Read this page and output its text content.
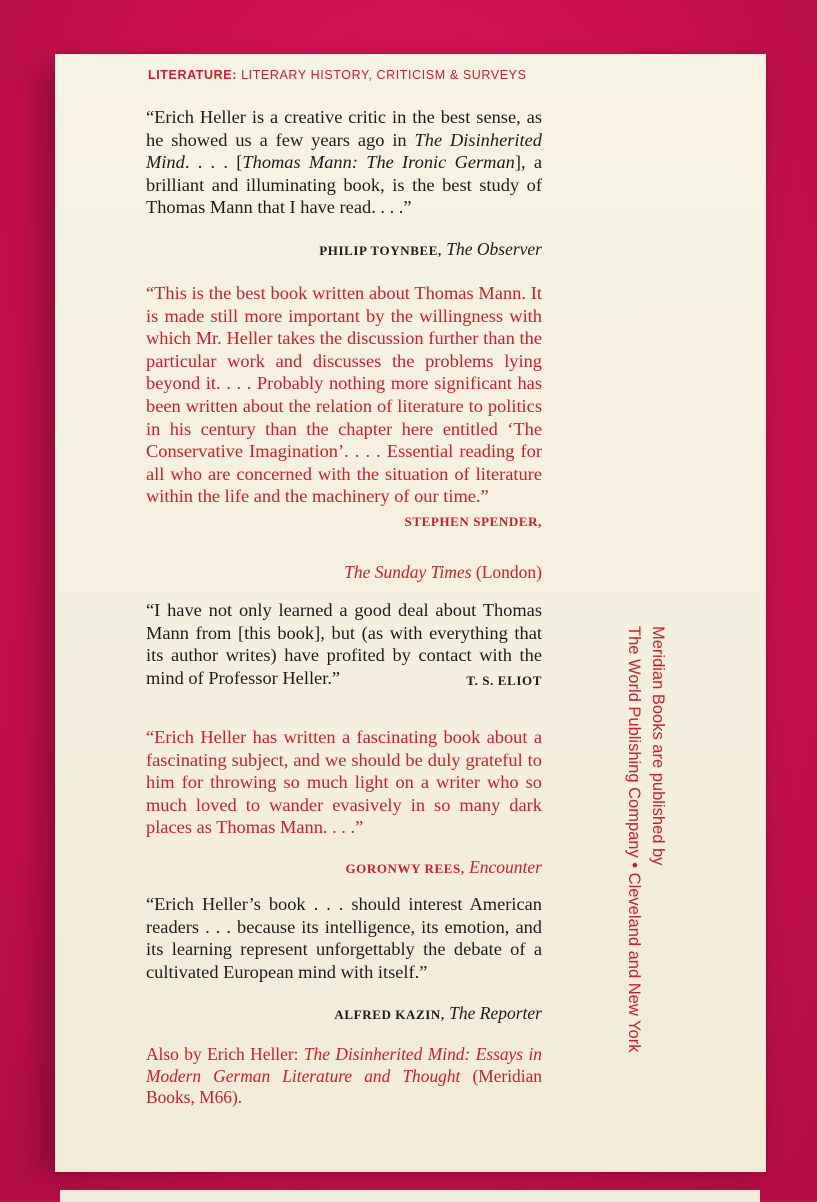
LITERATURE: LITERARY HISTORY, CRITICISM & SURVEYS

“Erich Heller is a creative critic in the best sense, as he showed us a few years ago in The Disinherited Mind. . . . [Thomas Mann: The Ironic German], a brilliant and illuminating book, is the best study of Thomas Mann that I have read. . . .”

PHILIP TOYNBEE, The Observer

“This is the best book written about Thomas Mann. It is made still more important by the willingness with which Mr. Heller takes the discussion further than the particular work and discusses the problems lying beyond it. . . . Probably nothing more significant has been written about the relation of literature to politics in his century than the chapter here entitled ‘The Conservative Imagination’. . . . Essential reading for all who are concerned with the situation of literature within the life and the machinery of our time.”
STEPHEN SPENDER,

The Sunday Times (London)

“I have not only learned a good deal about Thomas Mann from [this book], but (as with everything that its author writes) have profited by contact with the mind of Professor Heller.”	T. S. ELIOT

“Erich Heller has written a fascinating book about a fascinating subject, and we should be duly grateful to him for throwing so much light on a writer who so much loved to wander evasively in so many dark places as Thomas Mann. . . .”

GORONWY REES, Encounter

“Erich Heller’s book . . . should interest American readers . . . because its intelligence, its emotion, and its learning represent unforgettably the debate of a cultivated European mind with itself.”

ALFRED KAZIN, The Reporter
Also by Erich Heller: The Disinherited Mind: Essays in Modern German Literature and Thought (Meridian Books, M66).
Meridian Books are published by
The World Publishing Company • Cleveland and New York
